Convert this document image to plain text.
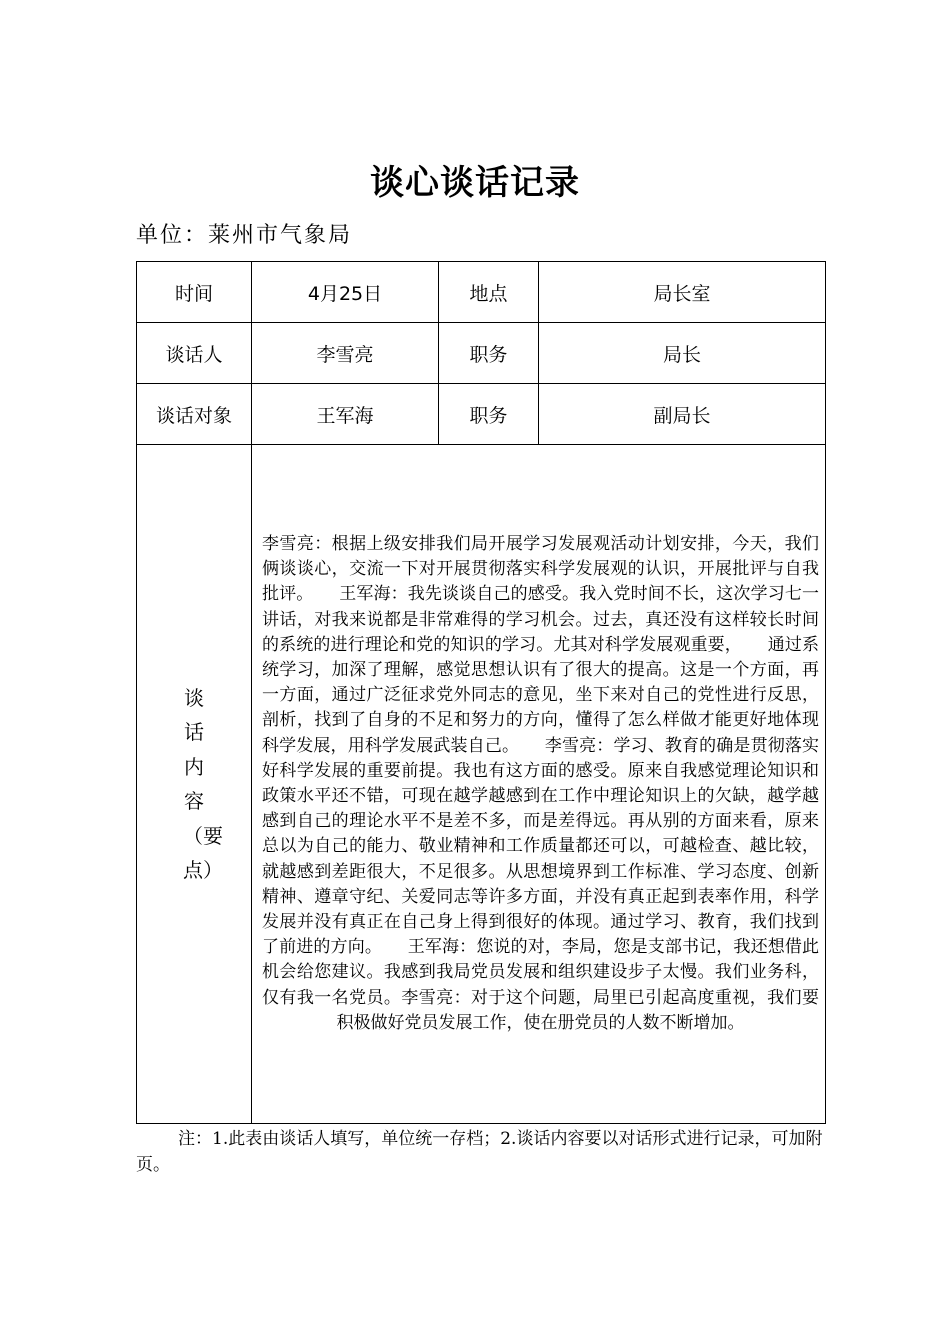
谈心谈话记录
单位：莱州市气象局
时间	4月25日	地点	局长室
谈话人	李雪亮	职务	局长
谈话对象	王军海	职务	副局长

谈话内容（要点）	李雪亮：根据上级安排我们局开展学习发展观活动计划安排，今天，我们俩谈谈心，交流一下对开展贯彻落实科学发展观的认识，开展批评与自我批评。　　王军海：我先谈谈自己的感受。我入党时间不长，这次学习七一讲话，对我来说都是非常难得的学习机会。过去，真还没有这样较长时间的系统的进行理论和党的知识的学习。尤其对科学发展观重要，　　通过系统学习，加深了理解，感觉思想认识有了很大的提高。这是一个方面，再一方面，通过广泛征求党外同志的意见，坐下来对自己的党性进行反思，剖析，找到了自身的不足和努力的方向，懂得了怎么样做才能更好地体现科学发展，用科学发展武装自己。　　李雪亮：学习、教育的确是贯彻落实好科学发展的重要前提。我也有这方面的感受。原来自我感觉理论知识和政策水平还不错，可现在越学越感到在工作中理论知识上的欠缺，越学越感到自己的理论水平不是差不多，而是差得远。再从别的方面来看，原来总以为自己的能力、敬业精神和工作质量都还可以，可越检查、越比较，就越感到差距很大，不足很多。从思想境界到工作标准、学习态度、创新精神、遵章守纪、关爱同志等许多方面，并没有真正起到表率作用，科学发展并没有真正在自己身上得到很好的体现。通过学习、教育，我们找到了前进的方向。　　王军海：您说的对，李局，您是支部书记，我还想借此机会给您建议。我感到我局党员发展和组织建设步子太慢。我们业务科，仅有我一名党员。李雪亮：对于这个问题，局里已引起高度重视，我们要积极做好党员发展工作，使在册党员的人数不断增加。		
注：1.此表由谈话人填写，单位统一存档；2.谈话内容要以对话形式进行记录，可加附页。
